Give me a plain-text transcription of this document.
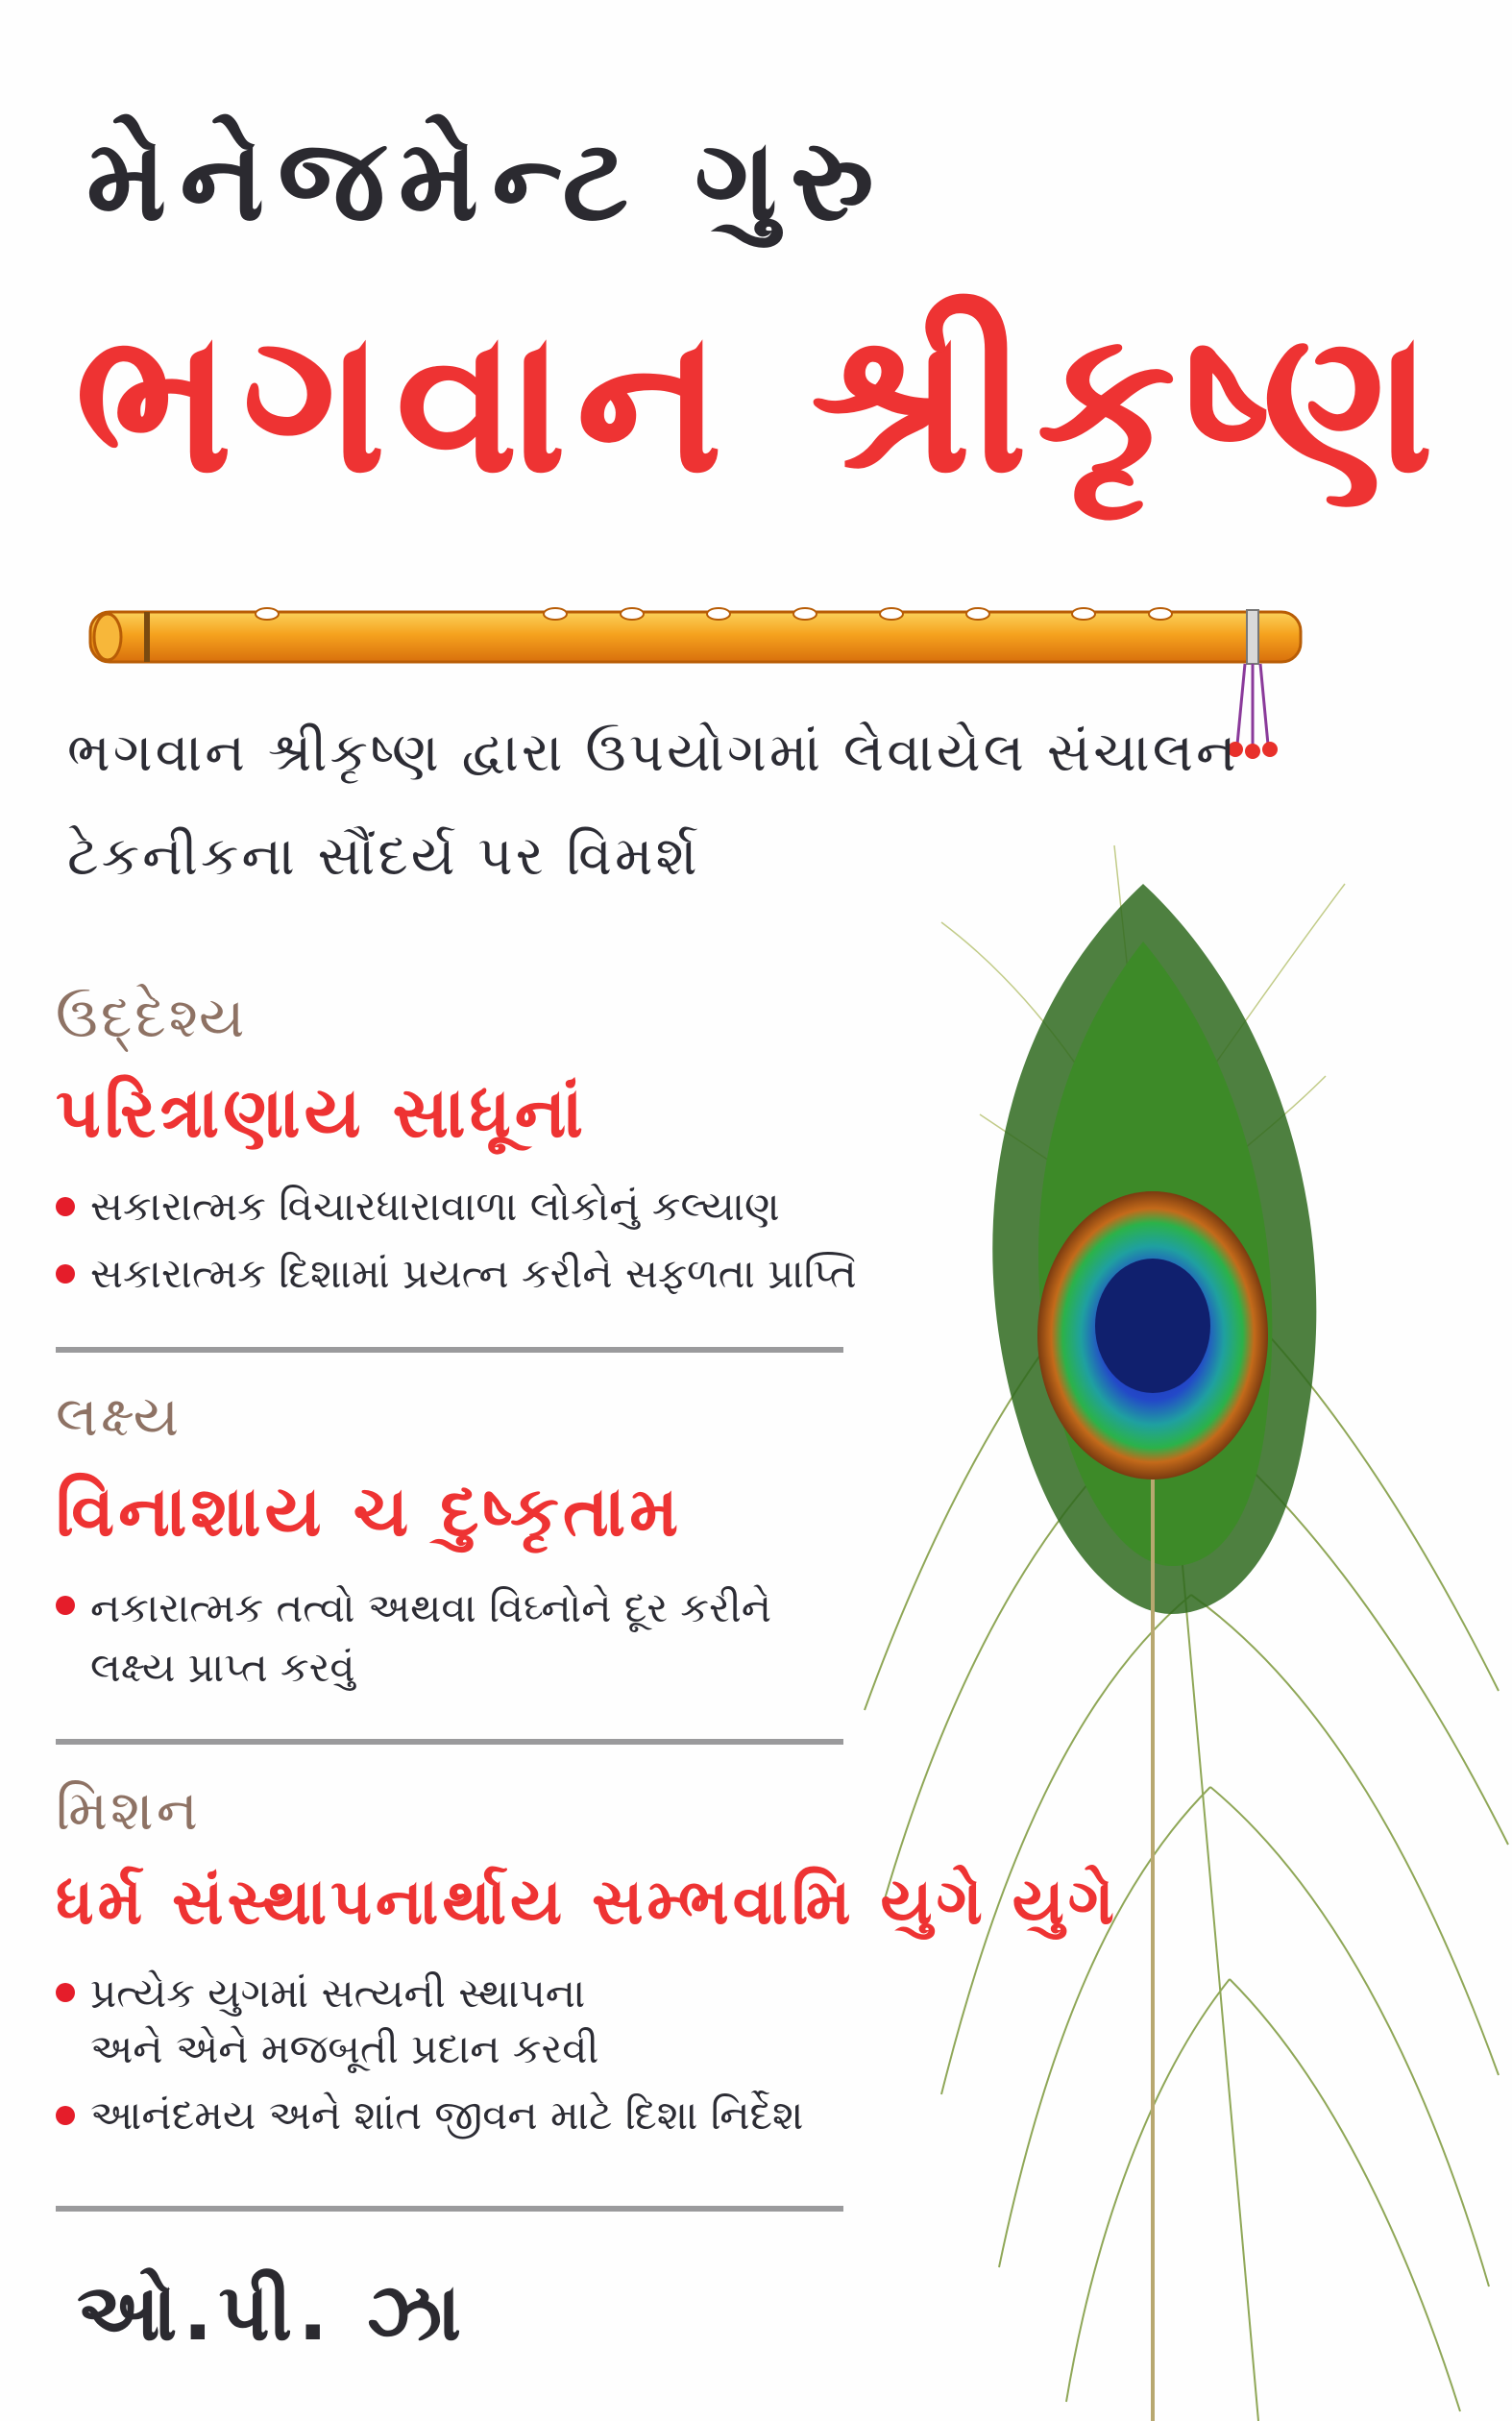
મેનેજમેન્ટ ગુરુ
ભગવાન શ્રીકૃષ્ણ
ભગવાન શ્રીકૃષ્ણ દ્વારા ઉપયોગમાં લેવાયેલ સંચાલન
ટેકનીકના સૌંદર્ય પર વિમર્શ
ઉદ્દેશ્ય
પરિત્રાણાય સાધૂનાં
સકારાત્મક વિચારધારાવાળા લોકોનું કલ્યાણ
સકારાત્મક દિશામાં પ્રયત્ન કરીને સફળતા પ્રાપ્તિ
લક્ષ્ય
વિનાશાય ચ દુષ્કૃતામ
નકારાત્મક તત્વો અથવા વિઘ્નોને દૂર કરીને
લક્ષ્ય પ્રાપ્ત કરવું
મિશન
ધર્મ સંસ્થાપનાર્થાય સમ્ભવામિ યુગે યુગે
પ્રત્યેક યુગમાં સત્યની સ્થાપના
અને એને મજબૂતી પ્રદાન કરવી
આનંદમય અને શાંત જીવન માટે દિશા નિર્દેશ
ઓ.પી. ઝા
